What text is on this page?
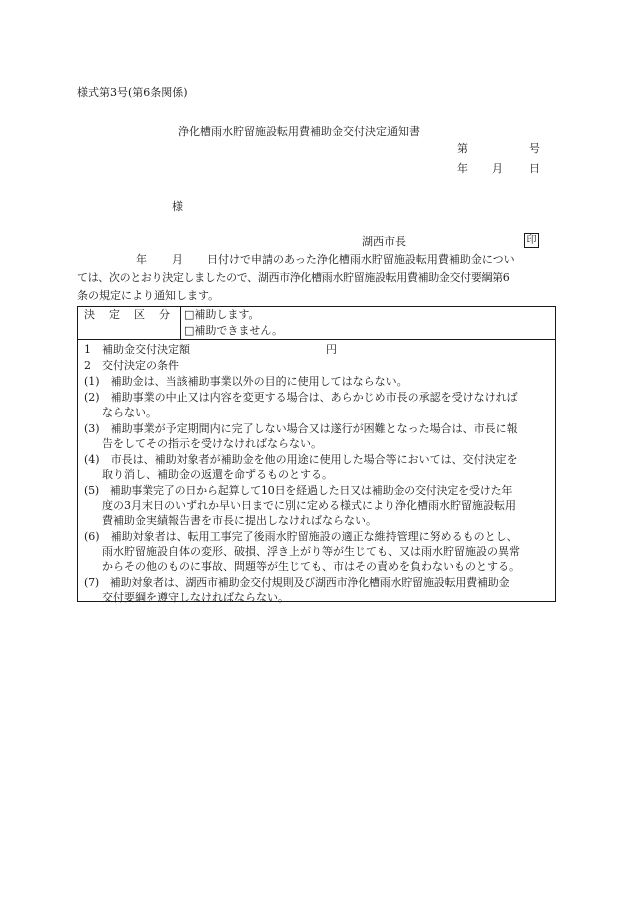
様式第3号(第6条関係)
浄化槽雨水貯留施設転用費補助金交付決定通知書
第	号
年 月 日
様
湖西市長	印
年 月 日付けで申請のあった浄化槽雨水貯留施設転用費補助金につい
ては、次のとおり決定しましたので、湖西市浄化槽雨水貯留施設転用費補助金交付要綱第6
条の規定により通知します。
決 定 区 分 □補助します。
□補助できません。
1　補助金交付決定額	円
2　交付決定の条件
(1)　補助金は、当該補助事業以外の目的に使用してはならない。
(2)　補助事業の中止又は内容を変更する場合は、あらかじめ市長の承認を受けなければ
ならない。
(3)　補助事業が予定期間内に完了しない場合又は遂行が困難となった場合は、市長に報
告をしてその指示を受けなければならない。
(4)　市長は、補助対象者が補助金を他の用途に使用した場合等においては、交付決定を
取り消し、補助金の返還を命ずるものとする。
(5)　補助事業完了の日から起算して10日を経過した日又は補助金の交付決定を受けた年
度の3月末日のいずれか早い日までに別に定める様式により浄化槽雨水貯留施設転用
費補助金実績報告書を市長に提出しなければならない。
(6)　補助対象者は、転用工事完了後雨水貯留施設の適正な維持管理に努めるものとし、
雨水貯留施設自体の変形、破損、浮き上がり等が生じても、又は雨水貯留施設の異常
からその他のものに事故、問題等が生じても、市はその責めを負わないものとする。
(7)　補助対象者は、湖西市補助金交付規則及び湖西市浄化槽雨水貯留施設転用費補助金
交付要綱を遵守しなければならない。
